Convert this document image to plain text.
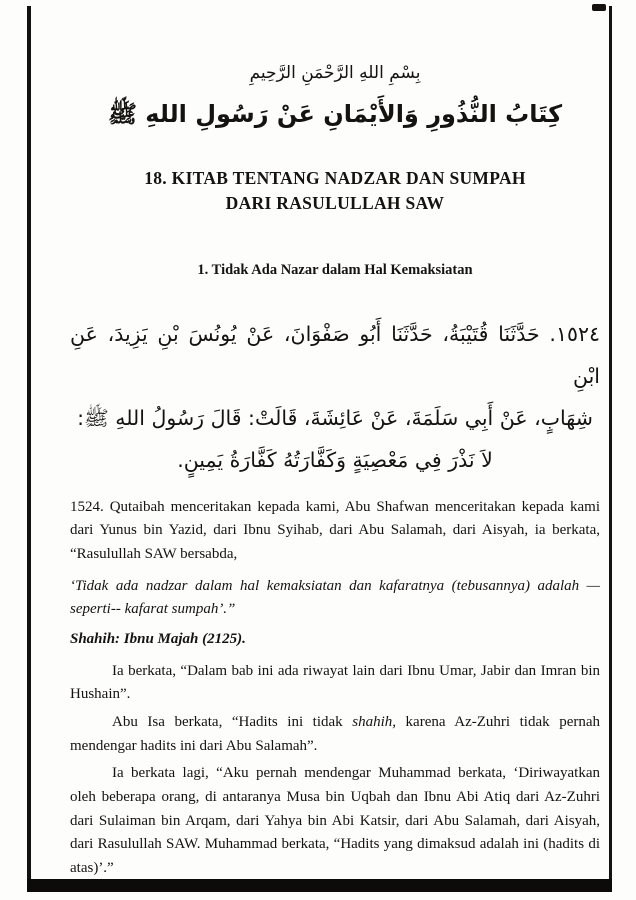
بِسْمِ اللهِ الرَّحْمَنِ الرَّحِيمِ
كِتَابُ النُّذُورِ وَالأَيْمَانِ عَنْ رَسُولِ اللهِ ﷺ
18. KITAB TENTANG NADZAR DAN SUMPAH
DARI RASULULLAH SAW
1. Tidak Ada Nazar dalam Hal Kemaksiatan
١٥٢٤. حَدَّثَنَا قُتَيْبَةُ، حَدَّثَنَا أَبُو صَفْوَانَ، عَنْ يُونُسَ بْنِ يَزِيدَ، عَنِ ابْنِ
شِهَابٍ، عَنْ أَبِي سَلَمَةَ، عَنْ عَائِشَةَ، قَالَتْ: قَالَ رَسُولُ اللهِ ﷺ:
لاَ نَذْرَ فِي مَعْصِيَةٍ وَكَفَّارَتُهُ كَفَّارَةُ يَمِينٍ.

1524. Qutaibah menceritakan kepada kami, Abu Shafwan menceritakan kepada kami dari Yunus bin Yazid, dari Ibnu Syihab, dari Abu Salamah, dari Aisyah, ia berkata, “Rasulullah SAW bersabda,

‘Tidak ada nadzar dalam hal kemaksiatan dan kafaratnya (tebusannya) adalah —seperti-- kafarat sumpah’.”

Shahih: Ibnu Majah (2125).

Ia berkata, “Dalam bab ini ada riwayat lain dari Ibnu Umar, Jabir dan Imran bin Hushain”.

Abu Isa berkata, “Hadits ini tidak shahih, karena Az-Zuhri tidak pernah mendengar hadits ini dari Abu Salamah”.

Ia berkata lagi, “Aku pernah mendengar Muhammad berkata, ‘Diriwayatkan oleh beberapa orang, di antaranya Musa bin Uqbah dan Ibnu Abi Atiq dari Az-Zuhri dari Sulaiman bin Arqam, dari Yahya bin Abi Katsir, dari Abu Salamah, dari Aisyah, dari Rasulullah SAW. Muhammad berkata, “Hadits yang dimaksud adalah ini (hadits di atas)’.”
